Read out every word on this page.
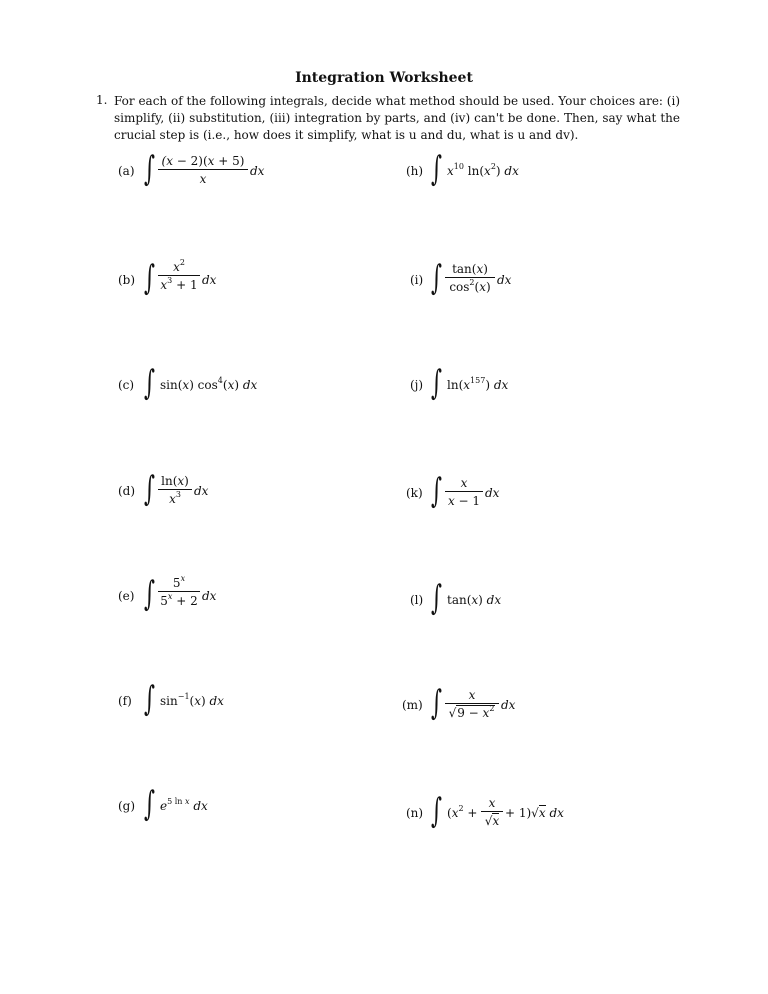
Integration Worksheet
1. For each of the following integrals, decide what method should be used. Your choices are: (i) simplify, (ii) substitution, (iii) integration by parts, and (iv) can't be done. Then, say what the crucial step is (i.e., how does it simplify, what is u and du, what is u and dv).
(a) ∫ (x − 2)(x + 5)
x
dx
(b) ∫	$x^2$
$x^3 + 1$ dx
(c) ∫ sin(x) $\cos^4(x)$ dx
(d) ∫ ln(x)
$x^3$	dx
(e) ∫	5$^x$
$5^x + 2$ dx
(f) ∫ $\sin^{-1}(x)$ dx
(g) ∫ $e^{5 ln x}$ dx
(h) ∫ $x^{10}$ $\ln(x^2)$ dx
(i) ∫ tan(x)
$\cos^2(x)$ dx
(j) ∫ $\ln(x^{157})$ dx
(k) ∫	x
x − 1
dx
(l) ∫ tan(x) dx
(m) ∫	x
$√9 - x^2$ dx
(n) ∫ ($x^2$ +
x
√x
+ 1)√x dx
